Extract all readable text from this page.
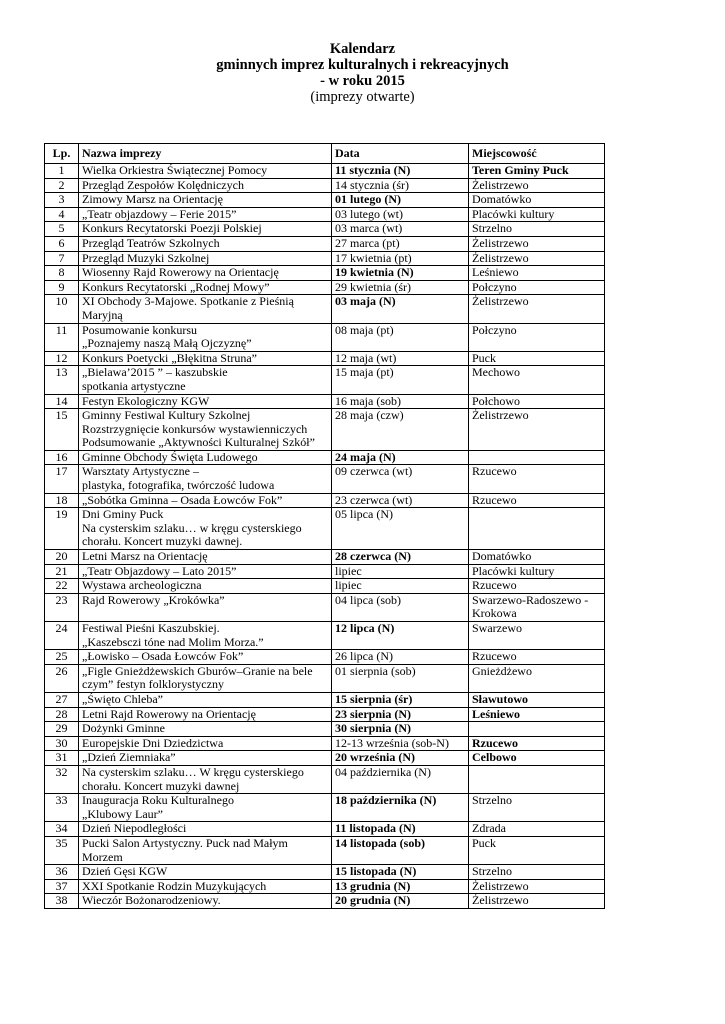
Kalendarz
gminnych imprez kulturalnych i rekreacyjnych
- w roku 2015
(imprezy otwarte)
Lp.	Nazwa imprezy	Data	Miejscowość
1	Wielka Orkiestra Świątecznej Pomocy	11 stycznia (N)	Teren Gminy Puck

2	Przegląd Zespołów Kolędniczych	14 stycznia (śr)	Żelistrzewo

3	Zimowy Marsz na Orientację	01 lutego (N)	Domatówko

4	„Teatr objazdowy – Ferie 2015”	03 lutego (wt)	Placówki kultury

5	Konkurs Recytatorski Poezji Polskiej	03 marca (wt)	Strzelno

6	Przegląd Teatrów Szkolnych	27 marca (pt)	Żelistrzewo

7	Przegląd Muzyki Szkolnej	17 kwietnia (pt)	Żelistrzewo

8	Wiosenny Rajd Rowerowy na Orientację	19 kwietnia (N)	Leśniewo

9	Konkurs Recytatorski „Rodnej Mowy”	29 kwietnia (śr)	Połczyno

10	XI Obchody 3-Majowe. Spotkanie z Pieśnią
Maryjną	03 maja (N)	Żelistrzewo

11	Posumowanie konkursu
„Poznajemy naszą Małą Ojczyznę”	08 maja (pt)	Połczyno

12	Konkurs Poetycki „Błękitna Struna”	12 maja (wt)	Puck

13	„Bielawa’2015 ” – kaszubskie
spotkania artystyczne	15 maja (pt)	Mechowo

14	Festyn Ekologiczny KGW	16 maja (sob)	Połchowo

15	Gminny Festiwal Kultury Szkolnej
Rozstrzygnięcie konkursów wystawienniczych
Podsumowanie „Aktywności Kulturalnej Szkół”	28 maja (czw)	Żelistrzewo

16	Gminne Obchody Święta Ludowego	24 maja (N)	

17	Warsztaty Artystyczne –
plastyka, fotografika, twórczość ludowa	09 czerwca (wt)	Rzucewo

18	„Sobótka Gminna – Osada Łowców Fok”	23 czerwca (wt)	Rzucewo

19	Dni Gminy Puck
Na cysterskim szlaku… w kręgu cysterskiego
chorału. Koncert muzyki dawnej.	05 lipca (N)	

20	Letni Marsz na Orientację	28 czerwca (N)	Domatówko

21	„Teatr Objazdowy – Lato 2015”	lipiec	Placówki kultury

22	Wystawa archeologiczna	lipiec	Rzucewo

23	Rajd Rowerowy „Krokówka”	04 lipca (sob)	Swarzewo-Radoszewo -
Krokowa

24	Festiwal Pieśni Kaszubskiej.
„Kaszebsczi tóne nad Molim Morza.”	12 lipca (N)	Swarzewo

25	„Łowisko – Osada Łowców Fok”	26 lipca (N)	Rzucewo

26	„Figle Gnieżdżewskich Gburów–Granie na bele
czym” festyn folklorystyczny	01 sierpnia (sob)	Gnieżdżewo

27	„Święto Chleba”	15 sierpnia (śr)	Sławutowo

28	Letni Rajd Rowerowy na Orientację	23 sierpnia (N)	Leśniewo

29	Dożynki Gminne	30 sierpnia (N)	

30	Europejskie Dni Dziedzictwa	12-13 września (sob-N)	Rzucewo

31	„Dzień Ziemniaka”	20 września (N)	Celbowo

32	Na cysterskim szlaku… W kręgu cysterskiego
chorału. Koncert muzyki dawnej	04 października (N)	

33	Inauguracja Roku Kulturalnego
„Klubowy Laur”	18 października (N)	Strzelno

34	Dzień Niepodległości	11 listopada (N)	Zdrada

35	Pucki Salon Artystyczny. Puck nad Małym
Morzem	14 listopada (sob)	Puck

36	Dzień Gęsi KGW	15 listopada (N)	Strzelno

37	XXI Spotkanie Rodzin Muzykujących	13 grudnia (N)	Żelistrzewo

38	Wieczór Bożonarodzeniowy.	20 grudnia (N)	Żelistrzewo
